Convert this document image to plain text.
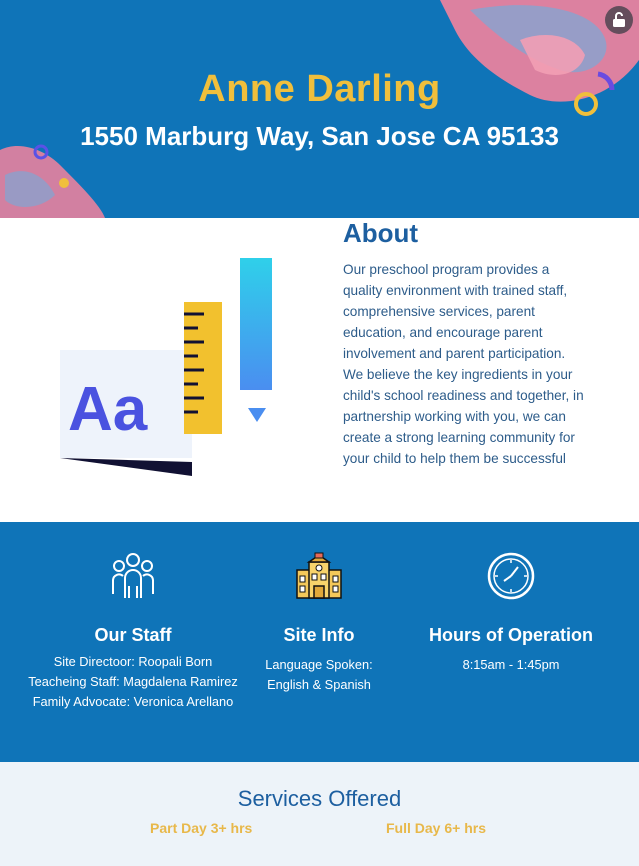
Anne Darling
1550 Marburg Way, San Jose CA 95133
Aa
About
Our preschool program provides a quality environment with trained staff, comprehensive services, parent education, and encourage parent involvement and parent participation. We believe the key ingredients in your child's school readiness and together, in partnership working with you, we can create a strong learning community for your child to help them be successful
Our Staff
Site Directoor: Roopali Born
Teacheing Staff: Magdalena Ramirez
Family Advocate: Veronica Arellano
Site Info
Language Spoken:
English & Spanish
Hours of Operation
8:15am - 1:45pm
Services Offered
Part Day 3+ hrs	Full Day 6+ hrs
